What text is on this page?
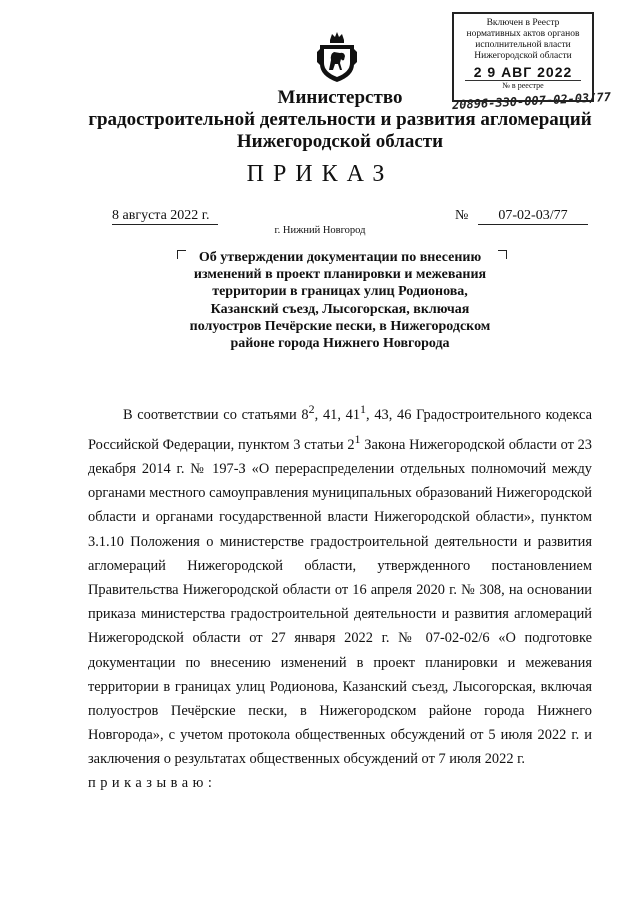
Включен в Реестр
нормативных актов органов
исполнительной власти
Нижегородской области
2 9 АВГ 2022
№ в реестре
20896-330-007-02-03/77
Министерство
градостроительной деятельности и развития агломераций
Нижегородской области
ПРИКАЗ
8 августа 2022 г.	№	07-02-03/77
г. Нижний Новгород
Об утверждении документации по внесению изменений в проект планировки и межевания территории в границах улиц Родионова, Казанский съезд, Лысогорская, включая полуостров Печёрские пески, в Нижегородском районе города Нижнего Новгорода

В соответствии со статьями $8^2$, 41, $41^1$, 43, 46 Градостроительного кодекса Российской Федерации, пунктом 3 статьи $2^1$ Закона Нижегородской области от 23 декабря 2014 г. № 197-З «О перераспределении отдельных полномочий между органами местного самоуправления муниципальных образований Нижегородской области и органами государственной власти Нижегородской области», пунктом 3.1.10 Положения о министерстве градостроительной деятельности и развития агломераций Нижегородской области, утвержденного постановлением Правительства Нижегородской области от 16 апреля 2020 г. № 308, на основании приказа министерства градостроительной деятельности и развития агломераций Нижегородской области от 27 января 2022 г. № 07-02-02/6 «О подготовке документации по внесению изменений в проект планировки и межевания территории в границах улиц Родионова, Казанский съезд, Лысогорская, включая полуостров Печёрские пески, в Нижегородском районе города Нижнего Новгорода», с учетом протокола общественных обсуждений от 5 июля 2022 г. и заключения о результатах общественных обсуждений от 7 июля 2022 г.

приказываю:
